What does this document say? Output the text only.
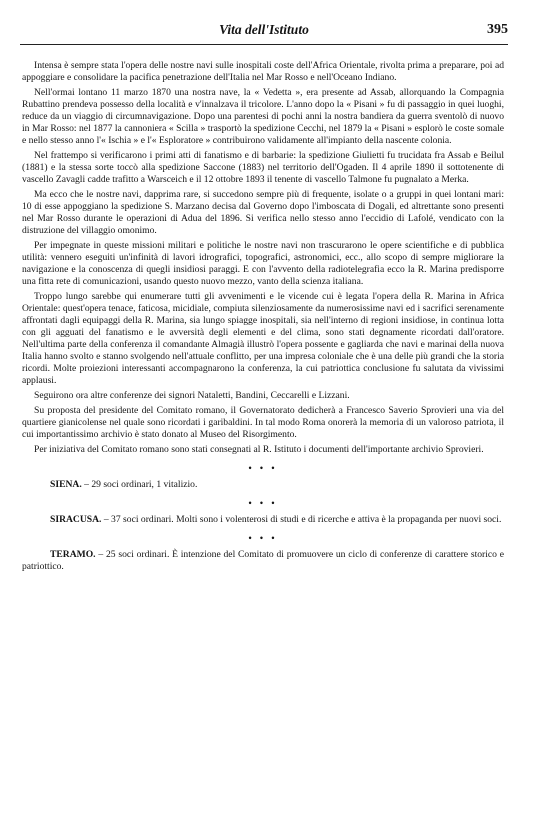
Vita dell'Istituto	395

Intensa è sempre stata l'opera delle nostre navi sulle inospitali coste dell'Africa Orientale, rivolta prima a preparare, poi ad appoggiare e consolidare la pacifica penetrazione dell'Italia nel Mar Rosso e nell'Oceano Indiano.

Nell'ormai lontano 11 marzo 1870 una nostra nave, la « Vedetta », era presente ad Assab, allorquando la Compagnia Rubattino prendeva possesso della località e v'innalzava il tricolore. L'anno dopo la « Pisani » fu di passaggio in quei luoghi, reduce da un viaggio di circumnavigazione. Dopo una parentesi di pochi anni la nostra bandiera da guerra sventolò di nuovo in Mar Rosso: nel 1877 la cannoniera « Scilla » trasportò la spedizione Cecchi, nel 1879 la « Pisani » esplorò le coste somale e nello stesso anno l'« Ischia » e l'« Esploratore » contribuirono validamente all'impianto della nascente colonia.

Nel frattempo si verificarono i primi atti di fanatismo e di barbarie: la spedizione Giulietti fu trucidata fra Assab e Beilul (1881) e la stessa sorte toccò alla spedizione Saccone (1883) nel territorio dell'Ogaden. Il 4 aprile 1890 il sottotenente di vascello Zavagli cadde trafitto a Warsceich e il 12 ottobre 1893 il tenente di vascello Talmone fu pugnalato a Merka.

Ma ecco che le nostre navi, dapprima rare, si succedono sempre più di frequente, isolate o a gruppi in quei lontani mari: 10 di esse appoggiano la spedizione S. Marzano decisa dal Governo dopo l'imboscata di Dogali, ed altrettante sono presenti nel Mar Rosso durante le operazioni di Adua del 1896. Si verifica nello stesso anno l'eccidio di Lafolé, vendicato con la distruzione del villaggio omonimo.

Per impegnate in queste missioni militari e politiche le nostre navi non trascurarono le opere scientifiche e di pubblica utilità: vennero eseguiti un'infinità di lavori idrografici, topografici, astronomici, ecc., allo scopo di sempre migliorare la navigazione e la conoscenza di quegli insidiosi paraggi. E con l'avvento della radiotelegrafia ecco la R. Marina predisporre una fitta rete di comunicazioni, usando questo nuovo mezzo, vanto della scienza italiana.

Troppo lungo sarebbe qui enumerare tutti gli avvenimenti e le vicende cui è legata l'opera della R. Marina in Africa Orientale: quest'opera tenace, faticosa, micidiale, compiuta silenziosamente da numerosissime navi ed i sacrifici serenamente affrontati dagli equipaggi della R. Marina, sia lungo spiagge inospitali, sia nell'interno di regioni insidiose, in continua lotta con gli agguati del fanatismo e le avversità degli elementi e del clima, sono stati degnamente ricordati dall'oratore. Nell'ultima parte della conferenza il comandante Almagià illustrò l'opera possente e gagliarda che navi e marinai della nuova Italia hanno svolto e stanno svolgendo nell'attuale conflitto, per una impresa coloniale che è una delle più grandi che la storia ricordi. Molte proiezioni interessanti accompagnarono la conferenza, la cui patriottica conclusione fu salutata da vivissimi applausi.

Seguirono ora altre conferenze dei signori Nataletti, Bandini, Ceccarelli e Lizzani.

Su proposta del presidente del Comitato romano, il Governatorato dedicherà a Francesco Saverio Sprovieri una via del quartiere gianicolense nel quale sono ricordati i garibaldini. In tal modo Roma onorerà la memoria di un valoroso patriota, il cui importantissimo archivio è stato donato al Museo del Risorgimento.

Per iniziativa del Comitato romano sono stati consegnati al R. Istituto i documenti dell'importante archivio Sprovieri.

• • •

SIENA. – 29 soci ordinari, 1 vitalizio.

• • •

SIRACUSA. – 37 soci ordinari. Molti sono i volenterosi di studi e di ricerche e attiva è la propaganda per nuovi soci.

• • •

TERAMO. – 25 soci ordinari. È intenzione del Comitato di promuovere un ciclo di conferenze di carattere storico e patriottico.
